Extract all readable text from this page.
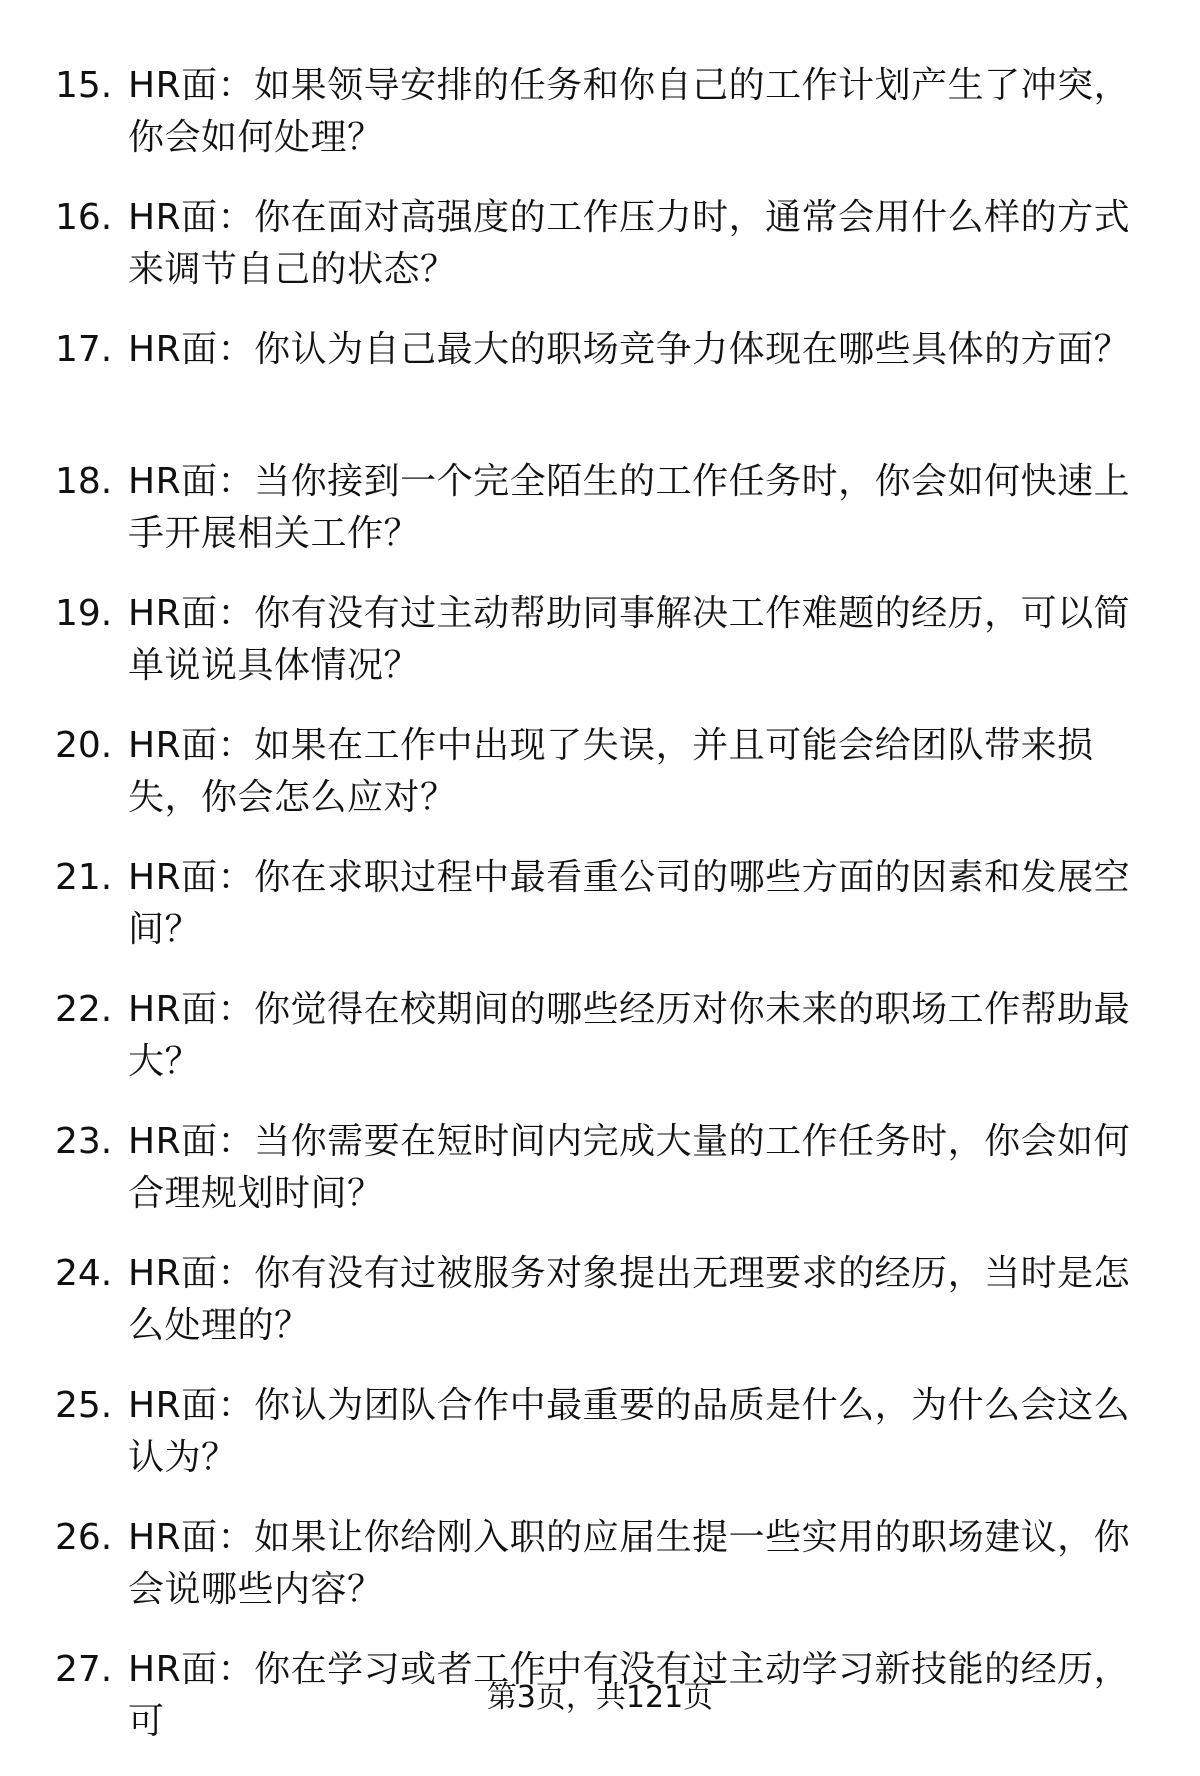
15. HR面：如果领导安排的任务和你自己的工作计划产生了冲突，你会如何处理？
16. HR面：你在面对高强度的工作压力时，通常会用什么样的方式来调节自己的状态？
17. HR面：你认为自己最大的职场竞争力体现在哪些具体的方面？
18. HR面：当你接到一个完全陌生的工作任务时，你会如何快速上手开展相关工作？
19. HR面：你有没有过主动帮助同事解决工作难题的经历，可以简单说说具体情况？
20. HR面：如果在工作中出现了失误，并且可能会给团队带来损失，你会怎么应对？
21. HR面：你在求职过程中最看重公司的哪些方面的因素和发展空间？
22. HR面：你觉得在校期间的哪些经历对你未来的职场工作帮助最大？
23. HR面：当你需要在短时间内完成大量的工作任务时，你会如何合理规划时间？
24. HR面：你有没有过被服务对象提出无理要求的经历，当时是怎么处理的？
25. HR面：你认为团队合作中最重要的品质是什么，为什么会这么认为？
26. HR面：如果让你给刚入职的应届生提一些实用的职场建议，你会说哪些内容？
27. HR面：你在学习或者工作中有没有过主动学习新技能的经历，可
第3页，共121页
